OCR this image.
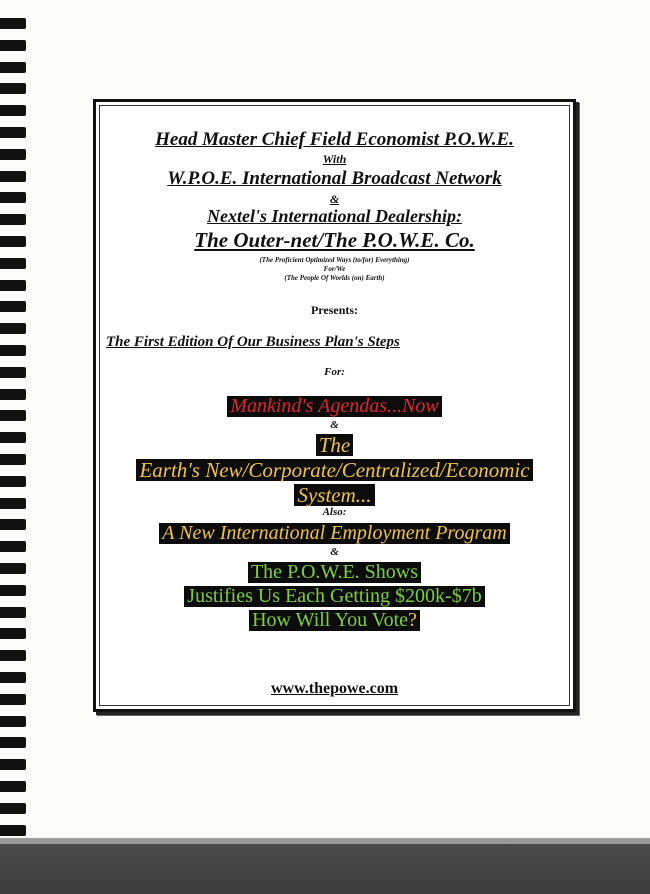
Head Master Chief Field Economist P.O.W.E.
With
W.P.O.E. International Broadcast Network
&
Nextel's International Dealership:
The Outer-net/The P.O.W.E. Co.
(The Proficient Optimized Ways (to/for) Everything)
For/We
(The People Of Worlds (on) Earth)
Presents:
The First Edition Of Our Business Plan's Steps
For:
Mankind's Agendas...Now
&
The
Earth's New/Corporate/Centralized/Economic
System...
Also:
A New International Employment Program
&
The P.O.W.E. Shows
Justifies Us Each Getting $200k-$7b
How Will You Vote?
www.thepowe.com
